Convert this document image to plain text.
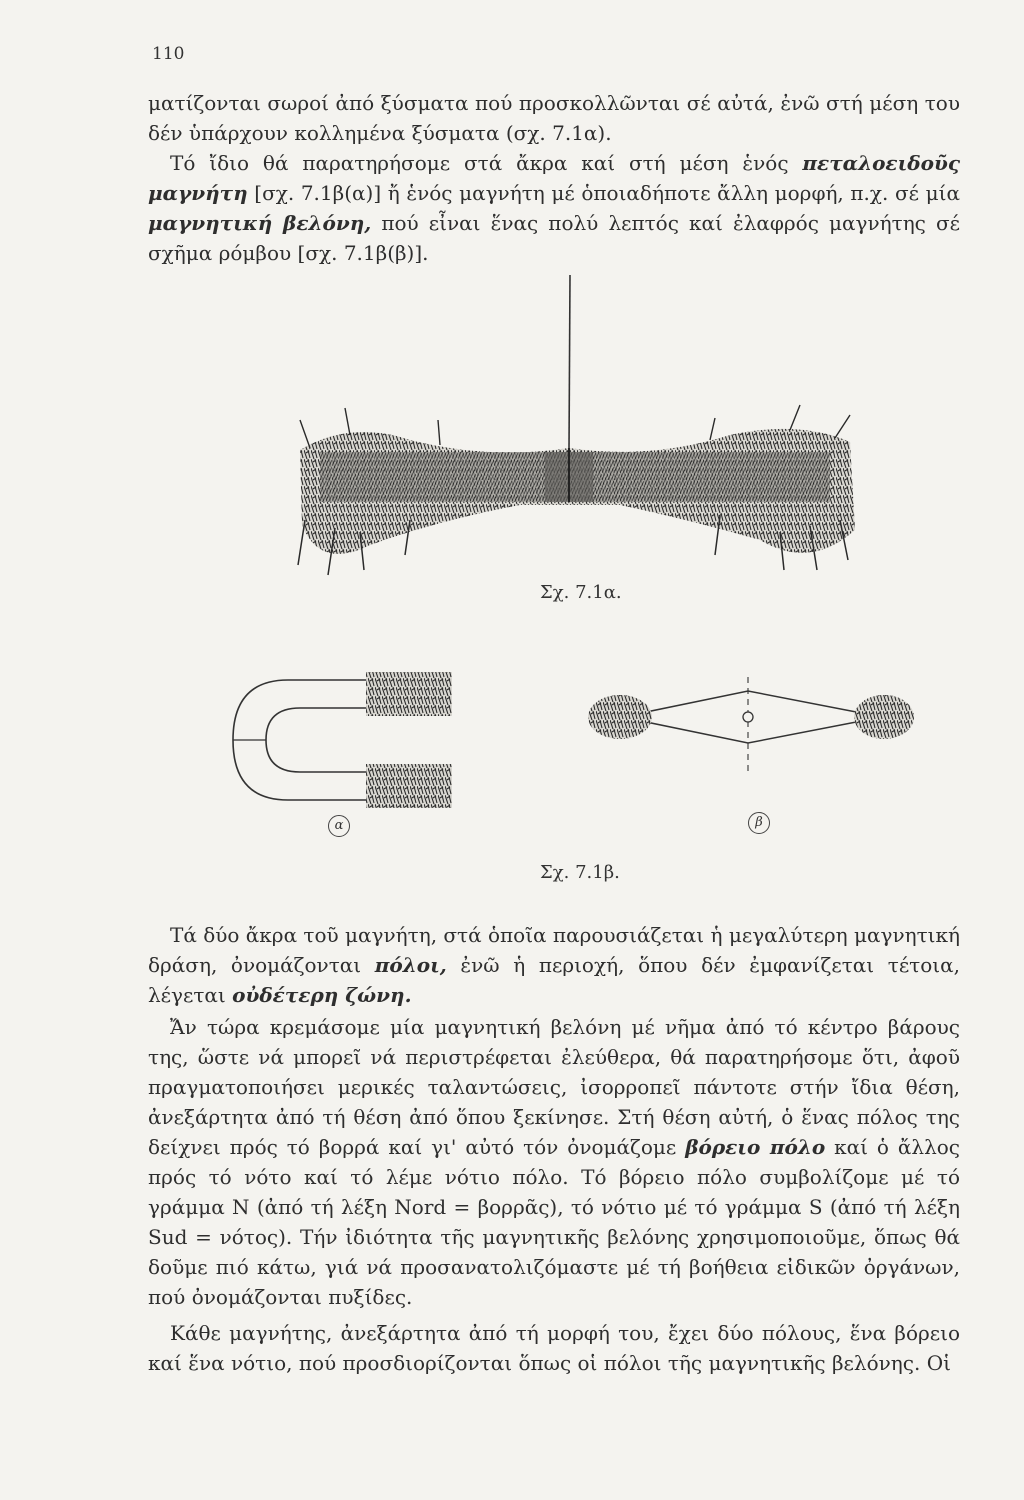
110

ματίζονται σωροί ἀπό ξύσματα πού προσκολλῶνται σέ αὐτά, ἐνῶ στή μέση του δέν ὑπάρχουν κολλημένα ξύσματα (σχ. 7.1α).

Τό ἴδιο θά παρατηρήσομε στά ἄκρα καί στή μέση ἑνός πεταλοειδοῦς μαγνήτη [σχ. 7.1β(α)] ἤ ἑνός μαγνήτη μέ ὁποιαδήποτε ἄλλη μορφή, π.χ. σέ μία μαγνητική βελόνη, πού εἶναι ἕνας πολύ λεπτός καί ἐλαφρός μαγνήτης σέ σχῆμα ρόμβου [σχ. 7.1β(β)].

Σχ. 7.1α.
α	β
Σχ. 7.1β.

Τά δύο ἄκρα τοῦ μαγνήτη, στά ὁποῖα παρουσιάζεται ἡ μεγαλύτερη μαγνητική δράση, ὀνομάζονται πόλοι, ἐνῶ ἡ περιοχή, ὅπου δέν ἐμφανίζεται τέτοια, λέγεται οὐδέτερη ζώνη.

Ἄν τώρα κρεμάσομε μία μαγνητική βελόνη μέ νῆμα ἀπό τό κέντρο βάρους της, ὥστε νά μπορεῖ νά περιστρέφεται ἐλεύθερα, θά παρατηρήσομε ὅτι, ἀφοῦ πραγματοποιήσει μερικές ταλαντώσεις, ἰσορροπεῖ πάντοτε στήν ἴδια θέση, ἀνεξάρτητα ἀπό τή θέση ἀπό ὅπου ξεκίνησε. Στή θέση αὐτή, ὁ ἕνας πόλος της δείχνει πρός τό βορρά καί γι' αὐτό τόν ὀνομάζομε βόρειο πόλο καί ὁ ἄλλος πρός τό νότο καί τό λέμε νότιο πόλο. Τό βόρειο πόλο συμβολίζομε μέ τό γράμμα N (ἀπό τή λέξη Nord = βορρᾶς), τό νότιο μέ τό γράμμα S (ἀπό τή λέξη Sud = νότος). Τήν ἰδιότητα τῆς μαγνητικῆς βελόνης χρησιμοποιοῦμε, ὅπως θά δοῦμε πιό κάτω, γιά νά προσανατολιζόμαστε μέ τή βοήθεια εἰδικῶν ὀργάνων, πού ὀνομάζονται πυξίδες.

Κάθε μαγνήτης, ἀνεξάρτητα ἀπό τή μορφή του, ἔχει δύο πόλους, ἕνα βόρειο καί ἕνα νότιο, πού προσδιορίζονται ὅπως οἱ πόλοι τῆς μαγνητικῆς βελόνης. Οἱ
